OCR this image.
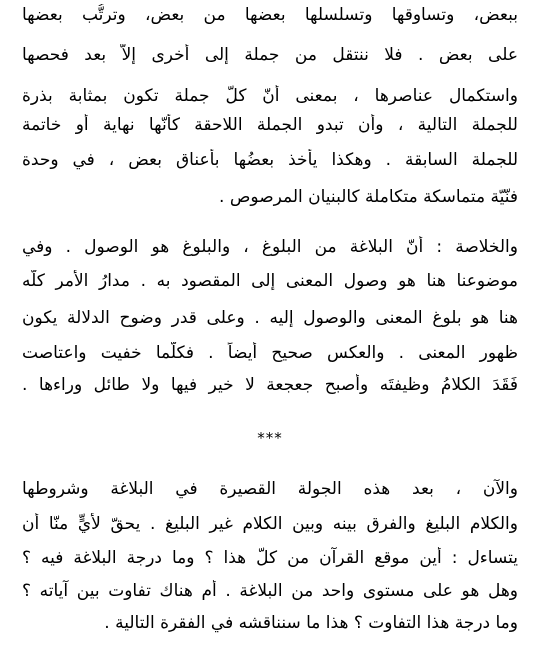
ببعض، وتساوقها وتسلسلها بعضها من بعض، وترتُّب بعضها
على بعض . فلا ننتقل من جملة إلى أخرى إلاّ بعد فحصها
واستكمال عناصرها ، بمعنى أنّ كلّ جملة تكون بمثابة بذرة
للجملة التالية ، وأن تبدو الجملة اللاحقة كأنّها نهاية أو خاتمة
للجملة السابقة . وهكذا يأخذ بعضُها بأعناق بعض ، في وحدة
فنّيّة متماسكة متكاملة كالبنيان المرصوص .
والخلاصة : أنّ البلاغة من البلوغ ، والبلوغ هو الوصول . وفي
موضوعنا هنا هو وصول المعنى إلى المقصود به . مدارُ الأمر كلّه
هنا هو بلوغ المعنى والوصول إليه . وعلى قدر وضوح الدلالة يكون
ظهور المعنى . والعكس صحيح أيضاً . فكلّما خفيت واعتاصت
فَقَدَ الكلامُ وظيفتَه وأصبح جعجعة لا خير فيها ولا طائل وراءها .
***
والآن ، بعد هذه الجولة القصيرة في البلاغة وشروطها
والكلام البليغ والفرق بينه وبين الكلام غير البليغ . يحقّ لأيٍّ منّا أن
يتساءل : أين موقع القرآن من كلّ هذا ؟ وما درجة البلاغة فيه ؟
وهل هو على مستوى واحد من البلاغة . أم هناك تفاوت بين آياته ؟
وما درجة هذا التفاوت ؟ هذا ما سنناقشه في الفقرة التالية .
